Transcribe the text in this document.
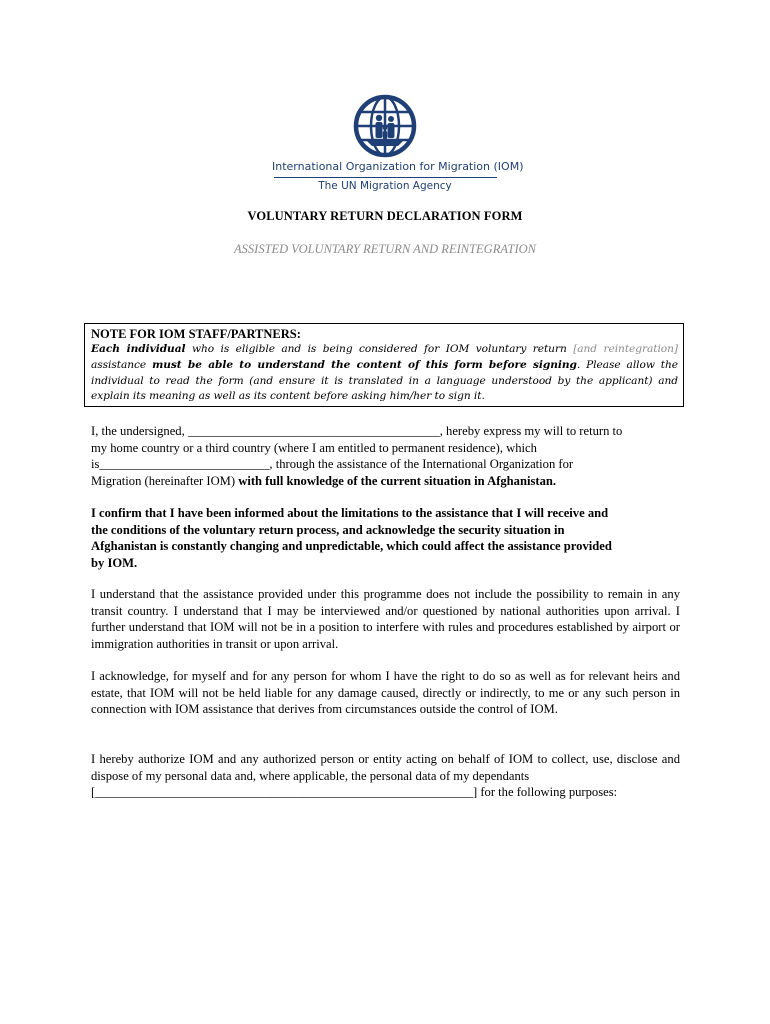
International Organization for Migration (IOM)
The UN Migration Agency
VOLUNTARY RETURN DECLARATION FORM
ASSISTED VOLUNTARY RETURN AND REINTEGRATION
NOTE FOR IOM STAFF/PARTNERS:
Each individual who is eligible and is being considered for IOM voluntary return [and reintegration] assistance must be able to understand the content of this form before signing. Please allow the individual to read the form (and ensure it is translated in a language understood by the applicant) and explain its meaning as well as its content before asking him/her to sign it.
I, the undersigned, ________________________________________, hereby express my will to return to
my home country or a third country (where I am entitled to permanent residence), which
is___________________________, through the assistance of the International Organization for
Migration (hereinafter IOM) with full knowledge of the current situation in Afghanistan.
I confirm that I have been informed about the limitations to the assistance that I will receive and
the conditions of the voluntary return process, and acknowledge the security situation in
Afghanistan is constantly changing and unpredictable, which could affect the assistance provided
by IOM.
I understand that the assistance provided under this programme does not include the possibility to remain in any transit country. I understand that I may be interviewed and/or questioned by national authorities upon arrival. I further understand that IOM will not be in a position to interfere with rules and procedures established by airport or immigration authorities in transit or upon arrival.
I acknowledge, for myself and for any person for whom I have the right to do so as well as for relevant heirs and estate, that IOM will not be held liable for any damage caused, directly or indirectly, to me or any such person in connection with IOM assistance that derives from circumstances outside the control of IOM.
I hereby authorize IOM and any authorized person or entity acting on behalf of IOM to collect, use, disclose and dispose of my personal data and, where applicable, the personal data of my dependants
[____________________________________________________________] for the following purposes:
